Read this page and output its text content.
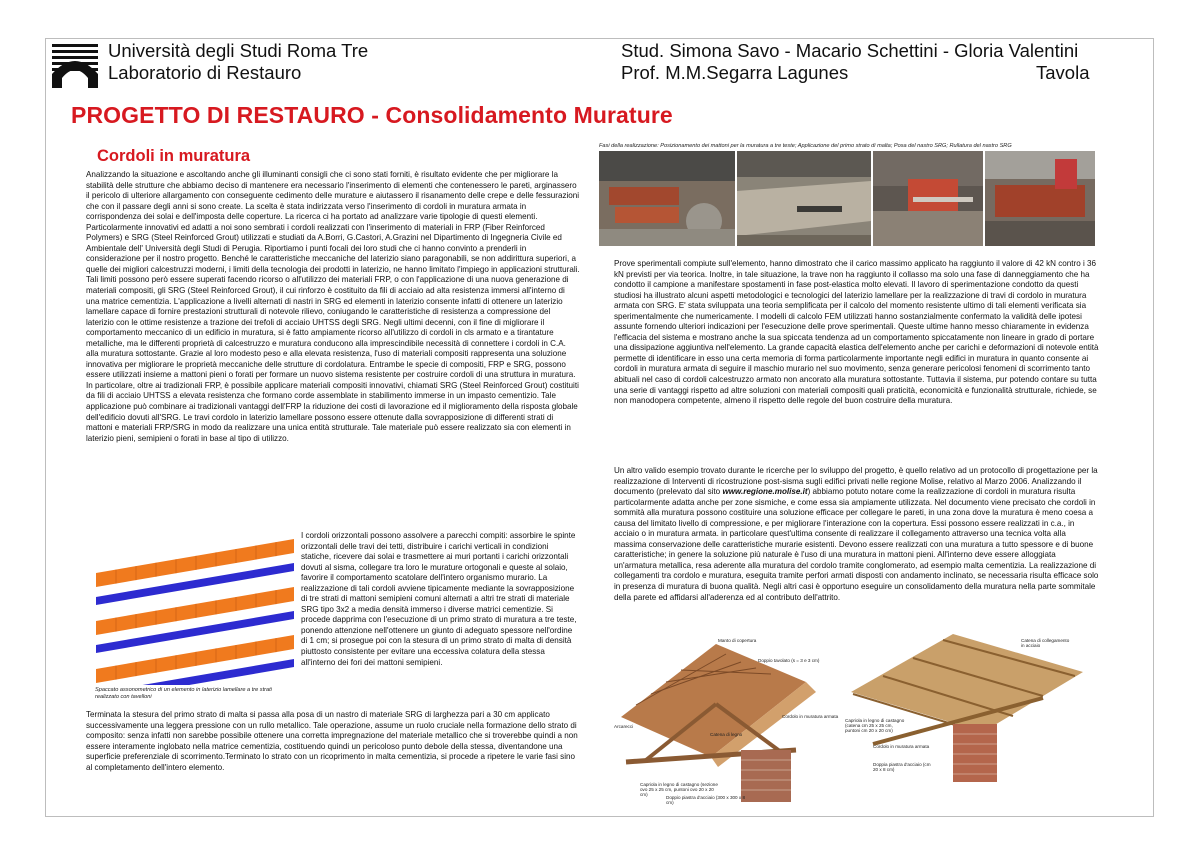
Università degli Studi Roma Tre
Laboratorio di Restauro
Stud. Simona Savo - Macario Schettini - Gloria Valentini
Prof. M.M.Segarra Lagunes	Tavola
PROGETTO DI RESTAURO - Consolidamento Murature
Cordoli in muratura
Analizzando la situazione e ascoltando anche gli illuminanti consigli che ci sono stati forniti, è risultato evidente che per migliorare la stabilità delle strutture che abbiamo deciso di mantenere era necessario l'inserimento di elementi che contenessero le pareti, arginassero il pericolo di ulteriore allargamento con conseguente cedimento delle murature e aiutassero il risanamento delle crepe e delle fessurazioni che con il passare degli anni si sono create. La scelta è stata indirizzata verso l'inserimento di cordoli in muratura armata in corrispondenza dei solai e dell'imposta delle coperture. La ricerca ci ha portato ad analizzare varie tipologie di questi elementi. Particolarmente innovativi ed adatti a noi sono sembrati i cordoli realizzati con l'inserimento di materiali in FRP (Fiber Reinforced Polymers) e SRG (Steel Reinforced Grout) utilizzati e studiati da A.Borri, G.Castori, A.Grazini nel Dipartimento di Ingegneria Civile ed Ambientale dell' Università degli Studi di Perugia. Riportiamo i punti focali dei loro studi che ci hanno convinto a prenderli in considerazione per il nostro progetto. Benché le caratteristiche meccaniche del laterizio siano paragonabili, se non addirittura superiori, a quelle dei migliori calcestruzzi moderni, i limiti della tecnologia dei prodotti in laterizio, ne hanno limitato l'impiego in applicazioni strutturali. Tali limiti possono però essere superati facendo ricorso o all'utilizzo dei materiali FRP, o con l'applicazione di una nuova generazione di materiali compositi, gli SRG (Steel Reinforced Grout), il cui rinforzo è costituito da fili di acciaio ad alta resistenza immersi all'interno di una matrice cementizia. L'applicazione a livelli alternati di nastri in SRG ed elementi in laterizio consente infatti di ottenere un laterizio lamellare capace di fornire prestazioni strutturali di notevole rilievo, coniugando le caratteristiche di resistenza a compressione del laterizio con le ottime resistenze a trazione dei trefoli di acciaio UHTSS degli SRG. Negli ultimi decenni, con il fine di migliorare il comportamento meccanico di un edificio in muratura, si è fatto ampiamente ricorso all'utilizzo di cordoli in cls armato e a tirantature metalliche, ma le differenti proprietà di calcestruzzo e muratura conducono alla imprescindibile necessità di connettere i cordoli in C.A. alla muratura sottostante. Grazie al loro modesto peso e alla elevata resistenza, l'uso di materiali compositi rappresenta una soluzione innovativa per migliorare le proprietà meccaniche delle strutture di cordolatura. Entrambe le specie di compositi, FRP e SRG, possono essere utilizzati insieme a mattoni pieni o forati per formare un nuovo sistema resistente per costruire cordoli di una struttura in muratura. In particolare, oltre ai tradizionali FRP, è possibile applicare materiali compositi innovativi, chiamati SRG (Steel Reinforced Grout) costituiti da fili di acciaio UHTSS a elevata resistenza che formano corde assemblate in stabilimento immerse in un impasto cementizio. Tale applicazione può combinare ai tradizionali vantaggi dell'FRP la riduzione dei costi di lavorazione ed il miglioramento della risposta globale dell'edificio dovuti all'SRG. Le travi cordolo in laterizio lamellare possono essere ottenute dalla sovrapposizione di differenti strati di mattoni e materiali FRP/SRG in modo da realizzare una unica entità strutturale. Tale materiale può essere realizzato sia con elementi in laterizio pieni, semipieni o forati in base al tipo di utilizzo.
Spaccato assonometrico di un elemento in laterizio lamellare a tre strati realizzato con tavelloni
I cordoli orizzontali possono assolvere a parecchi compiti: assorbire le spinte orizzontali delle travi dei tetti, distribuire i carichi verticali in condizioni statiche, ricevere dai solai e trasmettere ai muri portanti i carichi orizzontali dovuti al sisma, collegare tra loro le murature ortogonali e queste al solaio, favorire il comportamento scatolare dell'intero organismo murario. La realizzazione di tali cordoli avviene tipicamente mediante la sovrapposizione di tre strati di mattoni semipieni comuni alternati a altri tre strati di materiale SRG tipo 3x2 a media densità immerso i diverse matrici cementizie. Si procede dapprima con l'esecuzione di un primo strato di muratura a tre teste, ponendo attenzione nell'ottenere un giunto di adeguato spessore nell'ordine di 1 cm; si prosegue poi con la stesura di un primo strato di malta di densità piuttosto consistente per evitare una eccessiva colatura della stessa all'interno dei fori dei mattoni semipieni.
Terminata la stesura del primo strato di malta si passa alla posa di un nastro di materiale SRG di larghezza pari a 30 cm applicato successivamente una leggera pressione con un rullo metallico. Tale operazione, assume un ruolo cruciale nella formazione dello strato di composito: senza infatti non sarebbe possibile ottenere una corretta impregnazione del materiale metallico che si troverebbe quindi a non essere interamente inglobato nella matrice cementizia, costituendo quindi un pericoloso punto debole della stessa, diventandone una superficie preferenziale di scorrimento.Terminato lo strato con un ricoprimento in malta cementizia, si procede a ripetere le varie fasi sino al completamento dell'intero elemento.
Fasi della realizzazione: Posizionamento dei mattoni per la muratura a tre teste; Applicazione del primo strato di malta; Posa del nastro SRG; Rullatura del nastro SRG
Prove sperimentali compiute sull'elemento, hanno dimostrato che il carico massimo applicato ha raggiunto il valore di 42 kN contro i 36 kN previsti per via teorica. Inoltre, in tale situazione, la trave non ha raggiunto il collasso ma solo una fase di danneggiamento che ha condotto il campione a manifestare spostamenti in fase post-elastica molto elevati. Il lavoro di sperimentazione condotto da questi studiosi ha illustrato alcuni aspetti metodologici e tecnologici del laterizio lamellare per la realizzazione di travi di cordolo in muratura armata con SRG. E' stata sviluppata una teoria semplificata per il calcolo del momento resistente ultimo di tali elementi verificata sia sperimentalmente che numericamente. I modelli di calcolo FEM utilizzati hanno sostanzialmente confermato la validità delle ipotesi assunte fornendo ulteriori indicazioni per l'esecuzione delle prove sperimentali. Queste ultime hanno messo chiaramente in evidenza l'efficacia del sistema e mostrano anche la sua spiccata tendenza ad un comportamento spiccatamente non lineare in grado di portare una dissipazione aggiuntiva nell'elemento. La grande capacità elastica dell'elemento anche per carichi e deformazioni di notevole entità permette di identificare in esso una certa memoria di forma particolarmente importante negli edifici in muratura in quanto consente ai cordoli in muratura armata di seguire il maschio murario nel suo movimento, senza generare pericolosi fenomeni di scorrimento tanto abituali nel caso di cordoli calcestruzzo armato non ancorato alla muratura sottostante. Tuttavia il sistema, pur potendo contare su tutta una serie di vantaggi rispetto ad altre soluzioni con materiali compositi quali praticità, economicità e funzionalità strutturale, richiede, se non manodopera competente, almeno il rispetto delle regole del buon costruire della muratura.
Un altro valido esempio trovato durante le ricerche per lo sviluppo del progetto, è quello relativo ad un protocollo di progettazione per la realizzazione di Interventi di ricostruzione post-sisma sugli edifici privati nelle regione Molise, relativo al Marzo 2006. Analizzando il documento (prelevato dal sito www.regione.molise.it) abbiamo potuto notare come la realizzazione di cordoli in muratura risulta particolarmente adatta anche per zone sismiche, e come essa sia ampiamente utilizzata. Nel documento viene precisato che cordoli in sommità alla muratura possono costituire una soluzione efficace per collegare le pareti, in una zona dove la muratura è meno coesa a causa del limitato livello di compressione, e per migliorare l'interazione con la copertura. Essi possono essere realizzati in c.a., in acciaio o in muratura armata. in particolare quest'ultima consente di realizzare il collegamento attraverso una tecnica volta alla massima conservazione delle caratteristiche murarie esistenti. Devono essere realizzati con una muratura a tutto spessore e di buone caratteristiche; in genere la soluzione più naturale è l'uso di una muratura in mattoni pieni. All'interno deve essere alloggiata un'armatura metallica, resa aderente alla muratura del cordolo tramite conglomerato, ad esempio malta cementizia. La realizzazione di collegamenti tra cordolo e muratura, eseguita tramite perfori armati disposti con andamento inclinato, se necessaria risulta efficace solo in presenza di muratura di buona qualità. Negli altri casi è opportuno eseguire un consolidamento della muratura nella parte sommitale della parete ed affidarsi all'aderenza ed al contributo dell'attrito.
Manto di copertura
Doppio tavolato (s = 3 e 3 cm)
Arcarecci
Cordolo in muratura armata
Catena di legno
Capriola in legno di castagno (sezione ovo 25 x 25 cm, puntoni ovo 20 x 20 cm)
Doppio piastra d'acciaio (300 x 300 x 8 cm)
Catena di collegamento in acciaio
Capriola in legno di castagno (catena cm 25 x 25 cm, puntoni cm 20 x 20 cm)
Cordolo in muratura armata
Doppia piastra d'acciaio (cm 20 x 8 cm)
